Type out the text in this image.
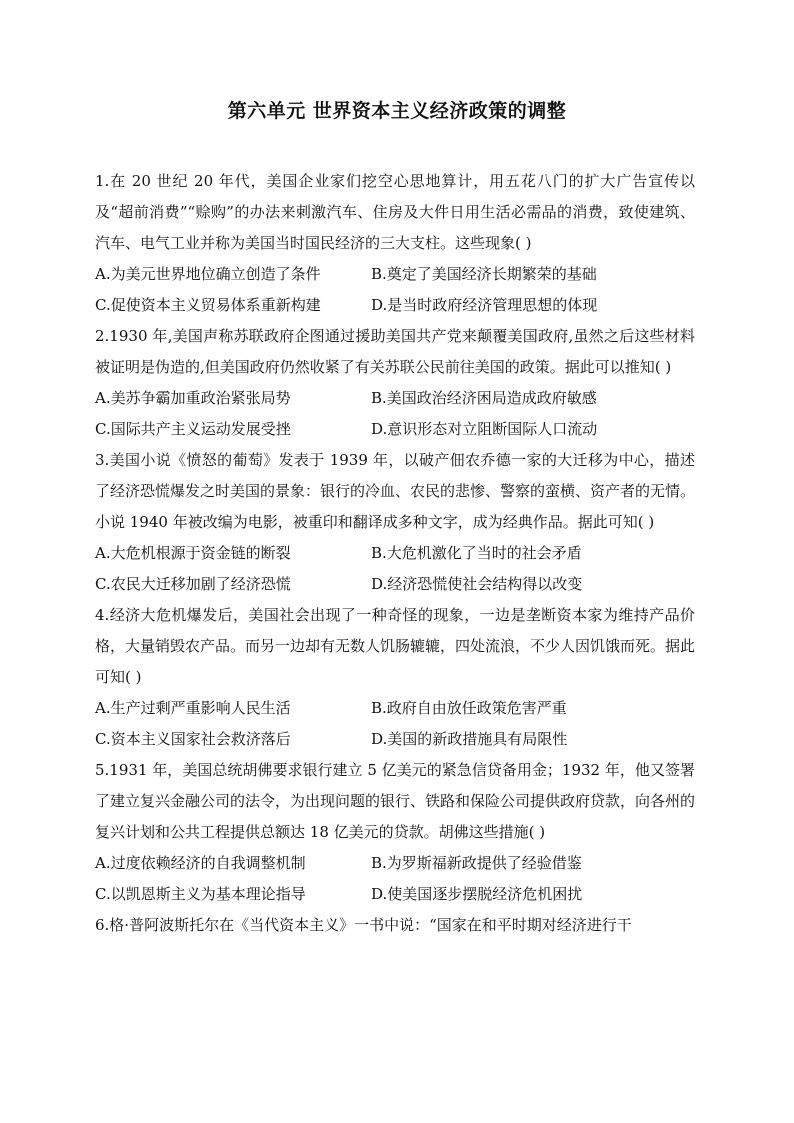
第六单元 世界资本主义经济政策的调整

1.在 20 世纪 20 年代，美国企业家们挖空心思地算计，用五花八门的扩大广告宣传以及“超前消费”“赊购”的办法来刺激汽车、住房及大件日用生活必需品的消费，致使建筑、汽车、电气工业并称为美国当时国民经济的三大支柱。这些现象( )

A.为美元世界地位确立创造了条件	B.奠定了美国经济长期繁荣的基础

C.促使资本主义贸易体系重新构建	D.是当时政府经济管理思想的体现

2.1930 年,美国声称苏联政府企图通过援助美国共产党来颠覆美国政府,虽然之后这些材料被证明是伪造的,但美国政府仍然收紧了有关苏联公民前往美国的政策。据此可以推知( )

A.美苏争霸加重政治紧张局势	B.美国政治经济困局造成政府敏感

C.国际共产主义运动发展受挫	D.意识形态对立阻断国际人口流动

3.美国小说《愤怒的葡萄》发表于 1939 年，以破产佃农乔德一家的大迁移为中心，描述了经济恐慌爆发之时美国的景象：银行的冷血、农民的悲惨、警察的蛮横、资产者的无情。小说 1940 年被改编为电影，被重印和翻译成多种文字，成为经典作品。据此可知( )

A.大危机根源于资金链的断裂	B.大危机激化了当时的社会矛盾

C.农民大迁移加剧了经济恐慌	D.经济恐慌使社会结构得以改变

4.经济大危机爆发后，美国社会出现了一种奇怪的现象，一边是垄断资本家为维持产品价格，大量销毁农产品。而另一边却有无数人饥肠辘辘，四处流浪，不少人因饥饿而死。据此可知( )

A.生产过剩严重影响人民生活	B.政府自由放任政策危害严重

C.资本主义国家社会救济落后	D.美国的新政措施具有局限性

5.1931 年，美国总统胡佛要求银行建立 5 亿美元的紧急信贷备用金；1932 年，他又签署了建立复兴金融公司的法令，为出现问题的银行、铁路和保险公司提供政府贷款，向各州的复兴计划和公共工程提供总额达 18 亿美元的贷款。胡佛这些措施( )

A.过度依赖经济的自我调整机制	B.为罗斯福新政提供了经验借鉴

C.以凯恩斯主义为基本理论指导	D.使美国逐步摆脱经济危机困扰

6.格·普阿波斯托尔在《当代资本主义》一书中说：“国家在和平时期对经济进行干
